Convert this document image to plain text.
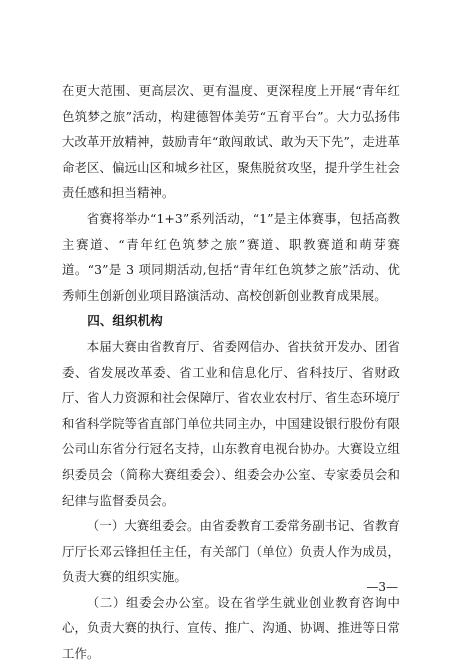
在更大范围、更高层次、更有温度、更深程度上开展“青年红色筑梦之旅”活动，构建德智体美劳“五育平台”。大力弘扬伟大改革开放精神，鼓励青年“敢闯敢试、敢为天下先”，走进革命老区、偏远山区和城乡社区，聚焦脱贫攻坚，提升学生社会责任感和担当精神。

省赛将举办“1+3”系列活动，“1”是主体赛事，包括高教主赛道、“青年红色筑梦之旅”赛道、职教赛道和萌芽赛道。“3”是 3 项同期活动,包括“青年红色筑梦之旅”活动、优秀师生创新创业项目路演活动、高校创新创业教育成果展。

四、组织机构

本届大赛由省教育厅、省委网信办、省扶贫开发办、团省委、省发展改革委、省工业和信息化厅、省科技厅、省财政厅、省人力资源和社会保障厅、省农业农村厅、省生态环境厅和省科学院等省直部门单位共同主办，中国建设银行股份有限公司山东省分行冠名支持，山东教育电视台协办。大赛设立组织委员会（简称大赛组委会）、组委会办公室、专家委员会和纪律与监督委员会。

（一）大赛组委会。由省委教育工委常务副书记、省教育厅厅长邓云锋担任主任，有关部门（单位）负责人作为成员，负责大赛的组织实施。

（二）组委会办公室。设在省学生就业创业教育咨询中心，负责大赛的执行、宣传、推广、沟通、协调、推进等日常工作。

—3—
